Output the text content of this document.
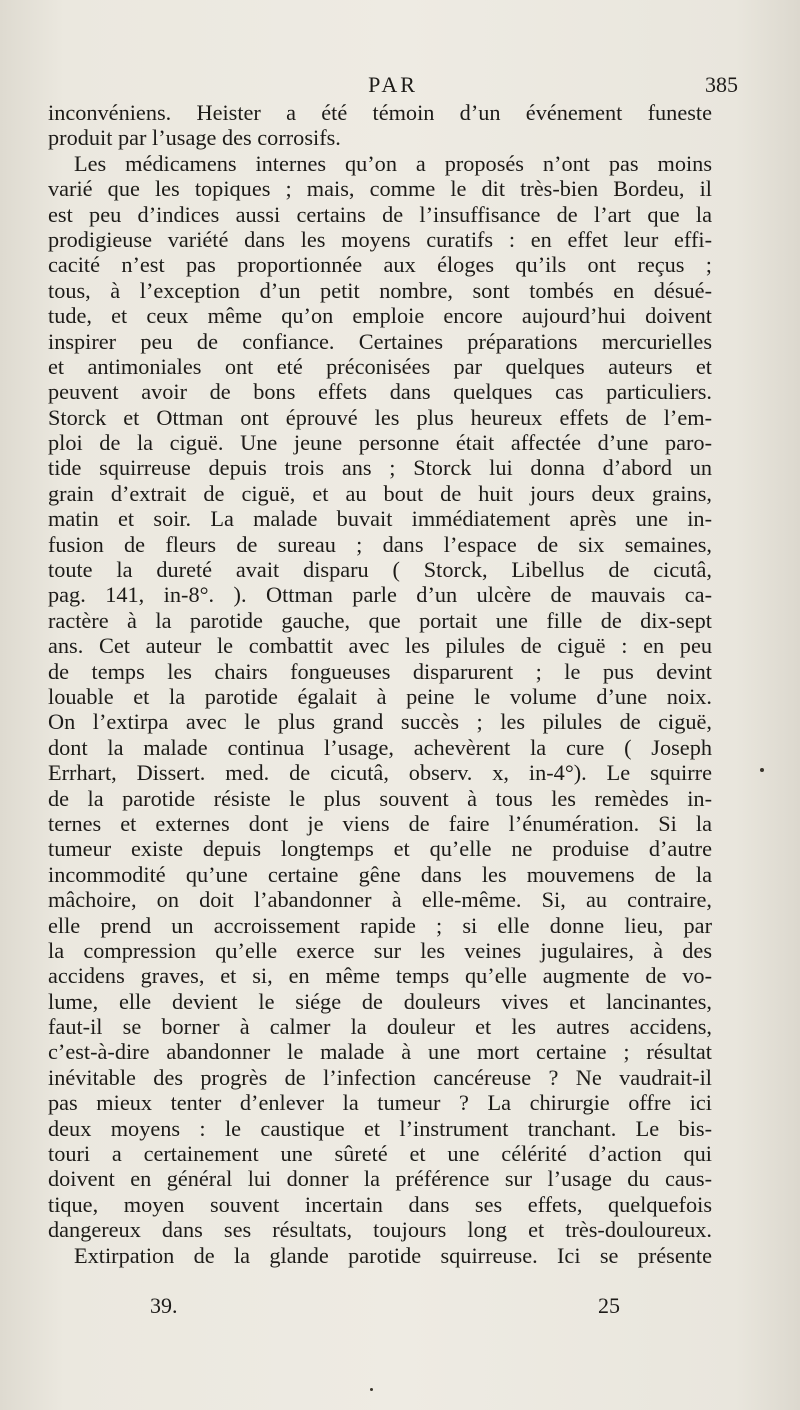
PAR	385
inconvéniens. Heister a été témoin d’un événement funeste
produit par l’usage des corrosifs.
Les médicamens internes qu’on a proposés n’ont pas moins
varié que les topiques ; mais, comme le dit très-bien Bordeu, il
est peu d’indices aussi certains de l’insuffisance de l’art que la
prodigieuse variété dans les moyens curatifs : en effet leur effi-
cacité n’est pas proportionnée aux éloges qu’ils ont reçus ;
tous, à l’exception d’un petit nombre, sont tombés en désué-
tude, et ceux même qu’on emploie encore aujourd’hui doivent
inspirer peu de confiance. Certaines préparations mercurielles
et antimoniales ont eté préconisées par quelques auteurs et
peuvent avoir de bons effets dans quelques cas particuliers.
Storck et Ottman ont éprouvé les plus heureux effets de l’em-
ploi de la ciguë. Une jeune personne était affectée d’une paro-
tide squirreuse depuis trois ans ; Storck lui donna d’abord un
grain d’extrait de ciguë, et au bout de huit jours deux grains,
matin et soir. La malade buvait immédiatement après une in-
fusion de fleurs de sureau ; dans l’espace de six semaines,
toute la dureté avait disparu ( Storck, Libellus de cicutâ,
pag. 141, in-8°. ). Ottman parle d’un ulcère de mauvais ca-
ractère à la parotide gauche, que portait une fille de dix-sept
ans. Cet auteur le combattit avec les pilules de ciguë : en peu
de temps les chairs fongueuses disparurent ; le pus devint
louable et la parotide égalait à peine le volume d’une noix.
On l’extirpa avec le plus grand succès ; les pilules de ciguë,
dont la malade continua l’usage, achevèrent la cure ( Joseph
Errhart, Dissert. med. de cicutâ, observ. x, in-4°). Le squirre
de la parotide résiste le plus souvent à tous les remèdes in-
ternes et externes dont je viens de faire l’énumération. Si la
tumeur existe depuis longtemps et qu’elle ne produise d’autre
incommodité qu’une certaine gêne dans les mouvemens de la
mâchoire, on doit l’abandonner à elle-même. Si, au contraire,
elle prend un accroissement rapide ; si elle donne lieu, par
la compression qu’elle exerce sur les veines jugulaires, à des
accidens graves, et si, en même temps qu’elle augmente de vo-
lume, elle devient le siége de douleurs vives et lancinantes,
faut-il se borner à calmer la douleur et les autres accidens,
c’est-à-dire abandonner le malade à une mort certaine ; résultat
inévitable des progrès de l’infection cancéreuse ? Ne vaudrait-il
pas mieux tenter d’enlever la tumeur ? La chirurgie offre ici
deux moyens : le caustique et l’instrument tranchant. Le bis-
touri a certainement une sûreté et une célérité d’action qui
doivent en général lui donner la préférence sur l’usage du caus-
tique, moyen souvent incertain dans ses effets, quelquefois
dangereux dans ses résultats, toujours long et très-douloureux.
Extirpation de la glande parotide squirreuse. Ici se présente
39.	25
